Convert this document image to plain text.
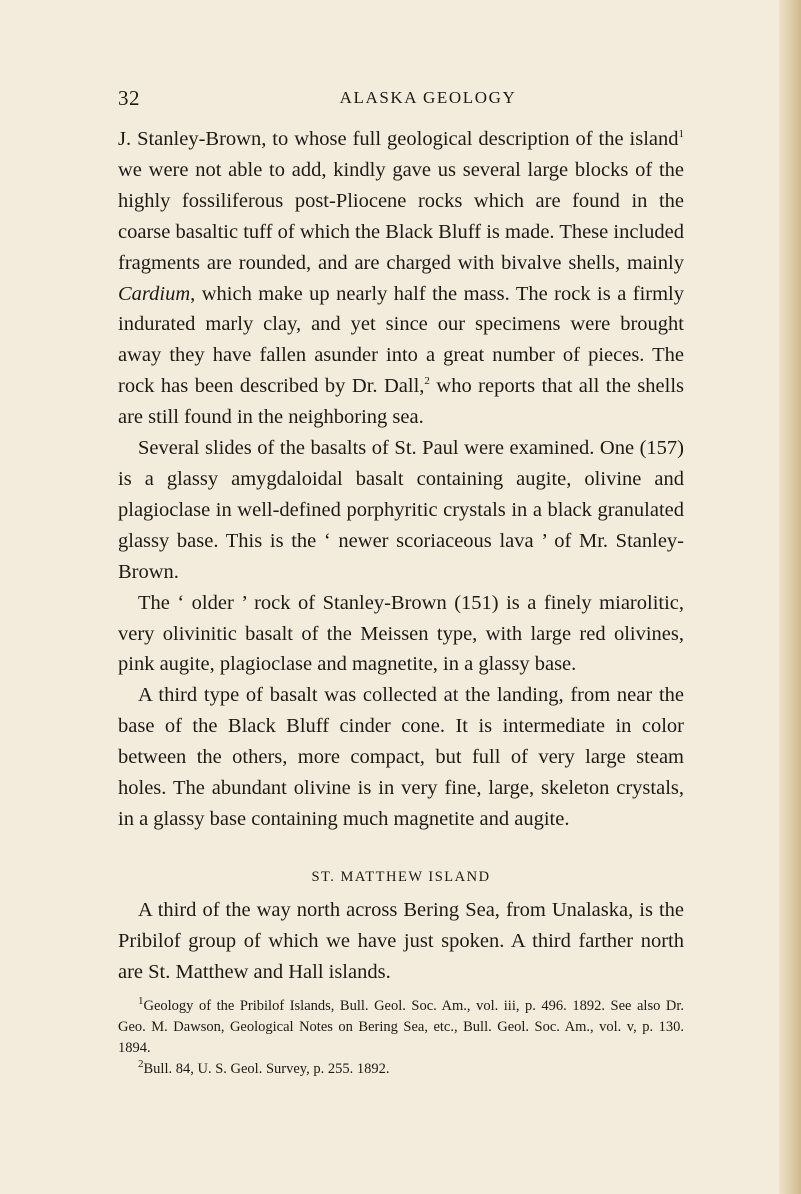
32	ALASKA GEOLOGY

J. Stanley-Brown, to whose full geological description of the island$^1$ we were not able to add, kindly gave us several large blocks of the highly fossiliferous post-Pliocene rocks which are found in the coarse basaltic tuff of which the Black Bluff is made. These included fragments are rounded, and are charged with bivalve shells, mainly Cardium, which make up nearly half the mass. The rock is a firmly indurated marly clay, and yet since our specimens were brought away they have fallen asunder into a great number of pieces. The rock has been described by Dr. Dall,$^2$ who reports that all the shells are still found in the neighboring sea.

Several slides of the basalts of St. Paul were examined. One (157) is a glassy amygdaloidal basalt containing augite, olivine and plagioclase in well-defined porphyritic crystals in a black granulated glassy base. This is the ‘ newer scoriaceous lava ’ of Mr. Stanley-Brown.

The ‘ older ’ rock of Stanley-Brown (151) is a finely miarolitic, very olivinitic basalt of the Meissen type, with large red olivines, pink augite, plagioclase and magnetite, in a glassy base.

A third type of basalt was collected at the landing, from near the base of the Black Bluff cinder cone. It is intermediate in color between the others, more compact, but full of very large steam holes. The abundant olivine is in very fine, large, skeleton crystals, in a glassy base containing much magnetite and augite.

ST. MATTHEW ISLAND

A third of the way north across Bering Sea, from Unalaska, is the Pribilof group of which we have just spoken. A third farther north are St. Matthew and Hall islands.

$^1$Geology of the Pribilof Islands, Bull. Geol. Soc. Am., vol. iii, p. 496. 1892. See also Dr. Geo. M. Dawson, Geological Notes on Bering Sea, etc., Bull. Geol. Soc. Am., vol. v, p. 130. 1894.

$^2$Bull. 84, U. S. Geol. Survey, p. 255. 1892.
